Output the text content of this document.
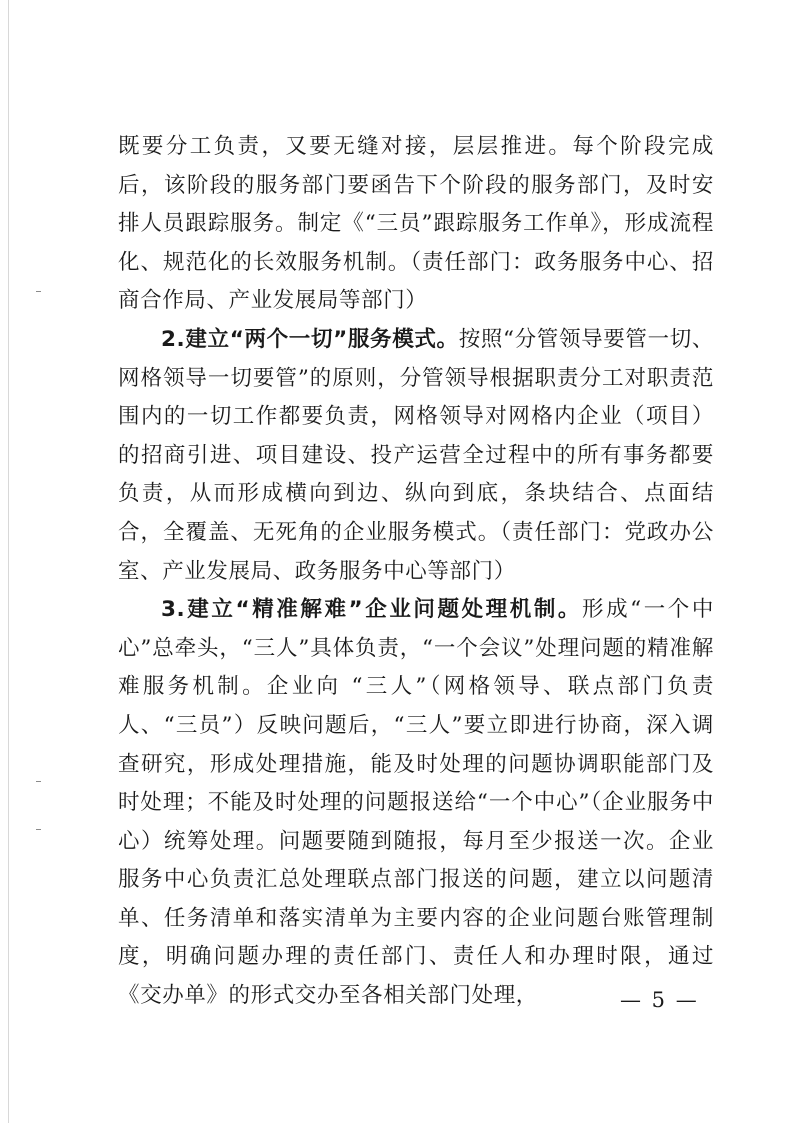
既要分工负责，又要无缝对接，层层推进。每个阶段完成后，该阶段的服务部门要函告下个阶段的服务部门，及时安排人员跟踪服务。制定《“三员”跟踪服务工作单》，形成流程化、规范化的长效服务机制。（责任部门：政务服务中心、招商合作局、产业发展局等部门）

2.建立“两个一切”服务模式。按照“分管领导要管一切、网格领导一切要管”的原则，分管领导根据职责分工对职责范围内的一切工作都要负责，网格领导对网格内企业（项目）的招商引进、项目建设、投产运营全过程中的所有事务都要负责，从而形成横向到边、纵向到底，条块结合、点面结合，全覆盖、无死角的企业服务模式。（责任部门：党政办公室、产业发展局、政务服务中心等部门）

3.建立“精准解难”企业问题处理机制。形成“一个中心”总牵头，“三人”具体负责，“一个会议”处理问题的精准解难服务机制。企业向 “三人”（网格领导、联点部门负责人、“三员”）反映问题后，“三人”要立即进行协商，深入调查研究，形成处理措施，能及时处理的问题协调职能部门及时处理；不能及时处理的问题报送给“一个中心”（企业服务中心）统筹处理。问题要随到随报，每月至少报送一次。企业服务中心负责汇总处理联点部门报送的问题，建立以问题清单、任务清单和落实清单为主要内容的企业问题台账管理制度，明确问题办理的责任部门、责任人和办理时限，通过《交办单》的形式交办至各相关部门处理，	— 5 —
